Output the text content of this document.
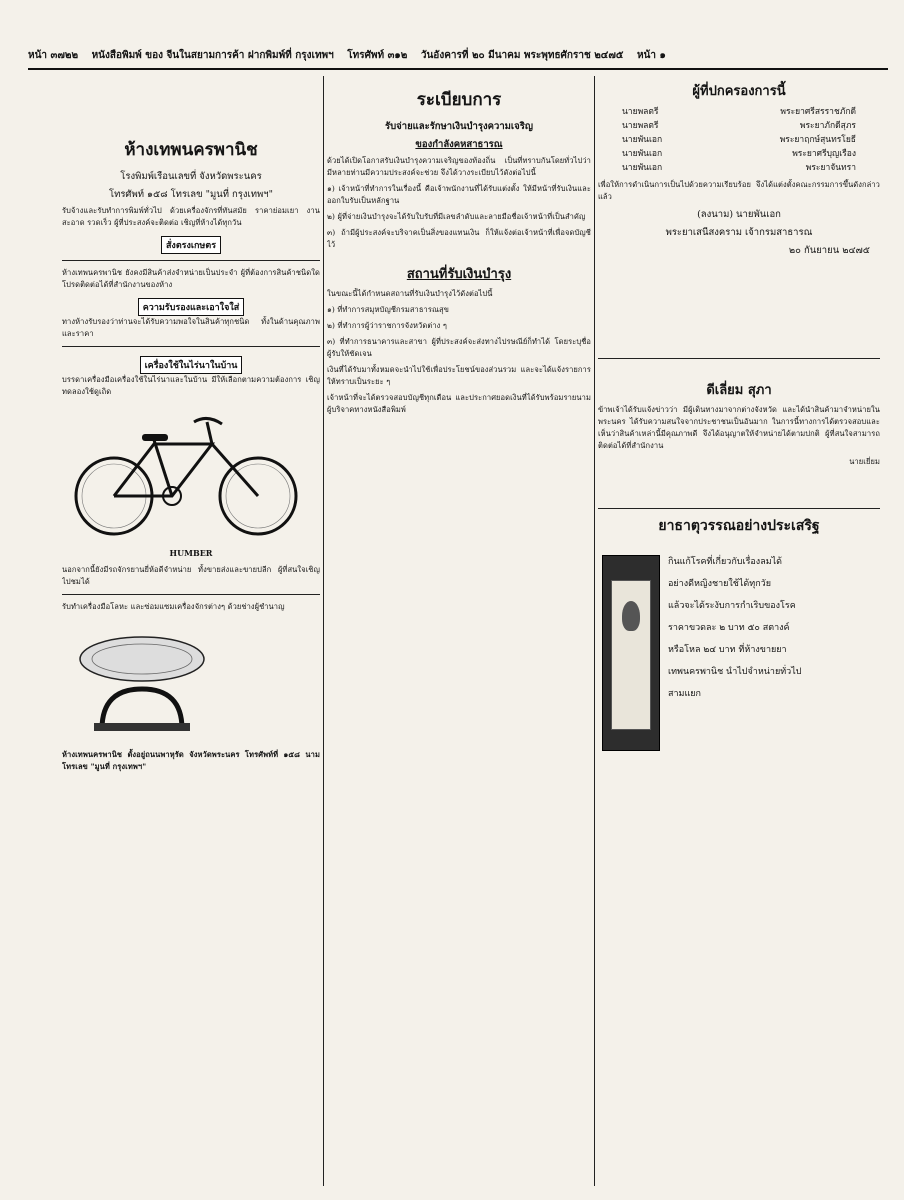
หน้า ๓๗๒๒ หนังสือพิมพ์ ของ จีนในสยามการค้า ฝากพิมพ์ที่ กรุงเทพฯ โทรศัพท์ ๓๑๒ วันอังคารที่ ๒๐ มีนาคม พระพุทธศักราช ๒๔๗๕ หน้า ๑
ห้างเทพนครพานิช
โรงพิมพ์เรือนเลขที่ จังหวัดพระนคร
โทรศัพท์ ๑๕๘ โทรเลข "มูนที่ กรุงเทพฯ"
รับจ้างและรับทำการพิมพ์ทั่วไป ด้วยเครื่องจักรที่ทันสมัย ราคาย่อมเยา งานสะอาด รวดเร็ว ผู้ที่ประสงค์จะติดต่อ เชิญที่ห้างได้ทุกวัน
สั่งตรงเกษตร
ห้างเทพนครพานิช ยังคงมีสินค้าส่งจำหน่ายเป็นประจำ ผู้ที่ต้องการสินค้าชนิดใด โปรดติดต่อได้ที่สำนักงานของห้าง
ความรับรองและเอาใจใส่
ทางห้างรับรองว่าท่านจะได้รับความพอใจในสินค้าทุกชนิด ทั้งในด้านคุณภาพและราคา
เครื่องใช้ในไร่นาในบ้าน
บรรดาเครื่องมือเครื่องใช้ในไร่นาและในบ้าน มีให้เลือกตามความต้องการ เชิญทดลองใช้ดูเถิด
HUMBER
นอกจากนี้ยังมีรถจักรยานยี่ห้อดีจำหน่าย ทั้งขายส่งและขายปลีก ผู้ที่สนใจเชิญไปชมได้
รับทำเครื่องมือโลหะ และซ่อมแซมเครื่องจักรต่างๆ ด้วยช่างผู้ชำนาญ
ห้างเทพนครพานิช ตั้งอยู่ถนนพาหุรัด จังหวัดพระนคร โทรศัพท์ที่ ๑๕๘ นามโทรเลข "มูนที่ กรุงเทพฯ"
ระเบียบการ
รับจ่ายและรักษาเงินบำรุงความเจริญ
ของกำลังคหสาธารณ
ด้วยได้เปิดโอกาสรับเงินบำรุงความเจริญของท้องถิ่น เป็นที่ทราบกันโดยทั่วไปว่า มีหลายท่านมีความประสงค์จะช่วย จึงได้วางระเบียบไว้ดังต่อไปนี้
๑) เจ้าหน้าที่ทำการในเรื่องนี้ คือเจ้าพนักงานที่ได้รับแต่งตั้ง ให้มีหน้าที่รับเงินและออกใบรับเป็นหลักฐาน
๒) ผู้ที่จ่ายเงินบำรุงจะได้รับใบรับที่มีเลขลำดับและลายมือชื่อเจ้าหน้าที่เป็นสำคัญ
๓) ถ้ามีผู้ประสงค์จะบริจาคเป็นสิ่งของแทนเงิน ก็ให้แจ้งต่อเจ้าหน้าที่เพื่อจดบัญชีไว้
สถานที่รับเงินบำรุง
ในขณะนี้ได้กำหนดสถานที่รับเงินบำรุงไว้ดังต่อไปนี้
๑) ที่ทำการสมุหบัญชีกรมสาธารณสุข
๒) ที่ทำการผู้ว่าราชการจังหวัดต่าง ๆ
๓) ที่ทำการธนาคารและสาขา ผู้ที่ประสงค์จะส่งทางไปรษณีย์ก็ทำได้ โดยระบุชื่อผู้รับให้ชัดเจน
เงินที่ได้รับมาทั้งหมดจะนำไปใช้เพื่อประโยชน์ของส่วนรวม และจะได้แจ้งรายการให้ทราบเป็นระยะ ๆ
เจ้าหน้าที่จะได้ตรวจสอบบัญชีทุกเดือน และประกาศยอดเงินที่ได้รับพร้อมรายนามผู้บริจาคทางหนังสือพิมพ์
ผู้ที่ปกครองการนี้
นายพลตรี	พระยาศรีสรราชภักดี
นายพลตรี	พระยาภักดีสุภร
นายพันเอก	พระยาฤกษ์สุนทรโยธี
นายพันเอก	พระยาศรีบุญเรือง
นายพันเอก	พระยาจันทรา
เพื่อให้การดำเนินการเป็นไปด้วยความเรียบร้อย จึงได้แต่งตั้งคณะกรรมการขึ้นดังกล่าวแล้ว
(ลงนาม) นายพันเอก
พระยาเสนีสงคราม เจ้ากรมสาธารณ
๒๐ กันยายน ๒๔๗๕
ดีเลี่ยม สุภา
ข้าพเจ้าได้รับแจ้งข่าวว่า มีผู้เดินทางมาจากต่างจังหวัด และได้นำสินค้ามาจำหน่ายในพระนคร ได้รับความสนใจจากประชาชนเป็นอันมาก ในการนี้ทางการได้ตรวจสอบและเห็นว่าสินค้าเหล่านี้มีคุณภาพดี จึงได้อนุญาตให้จำหน่ายได้ตามปกติ ผู้ที่สนใจสามารถติดต่อได้ที่สำนักงาน
นายเยี่ยม
ยาธาตุวรรณอย่างประเสริฐ
กินแก้โรคที่เกี่ยวกับเรื่องลมได้
อย่างดีหญิงชายใช้ได้ทุกวัย
แล้วจะได้ระงับการกำเริบของโรค
ราคาขวดละ ๒ บาท ๕๐ สตางค์
หรือโหล ๒๔ บาท ที่ห้างขายยา
เทพนครพานิช นำไปจำหน่ายทั่วไป
สามแยก
